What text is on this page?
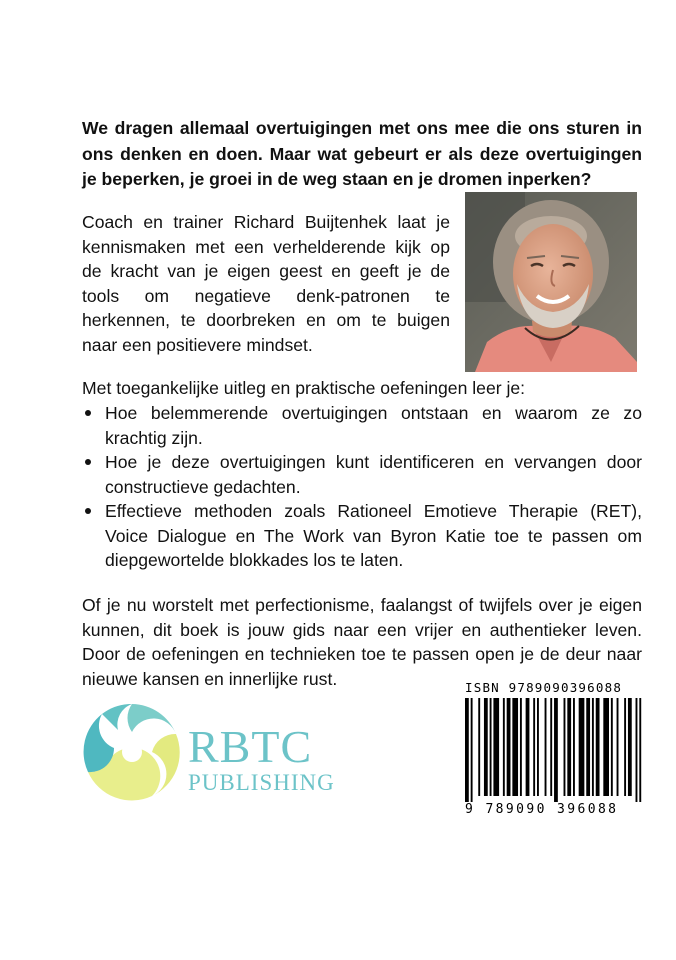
We dragen allemaal overtuigingen met ons mee die ons sturen in ons denken en doen. Maar wat gebeurt er als deze overtuigingen je beperken, je groei in de weg staan en je dromen inperken?

Coach en trainer Richard Buijtenhek laat je kennismaken met een verhelderende kijk op de kracht van je eigen geest en geeft je de tools om negatieve denk-patronen te herkennen, te doorbreken en om te buigen naar een positievere mindset.

Met toegankelijke uitleg en praktische oefeningen leer je:

Hoe belemmerende overtuigingen ontstaan en waarom ze zo krachtig zijn.
Hoe je deze overtuigingen kunt identificeren en vervangen door constructieve gedachten.
Effectieve methoden zoals Rationeel Emotieve Therapie (RET), Voice Dialogue en The Work van Byron Katie toe te passen om diepgewortelde blokkades los te laten.

Of je nu worstelt met perfectionisme, faalangst of twijfels over je eigen kunnen, dit boek is jouw gids naar een vrijer en authentieker leven. Door de oefeningen en technieken toe te passen open je de deur naar nieuwe kansen en innerlijke rust.

RBTC
PUBLISHING
ISBN 9789090396088
9 789090 396088
